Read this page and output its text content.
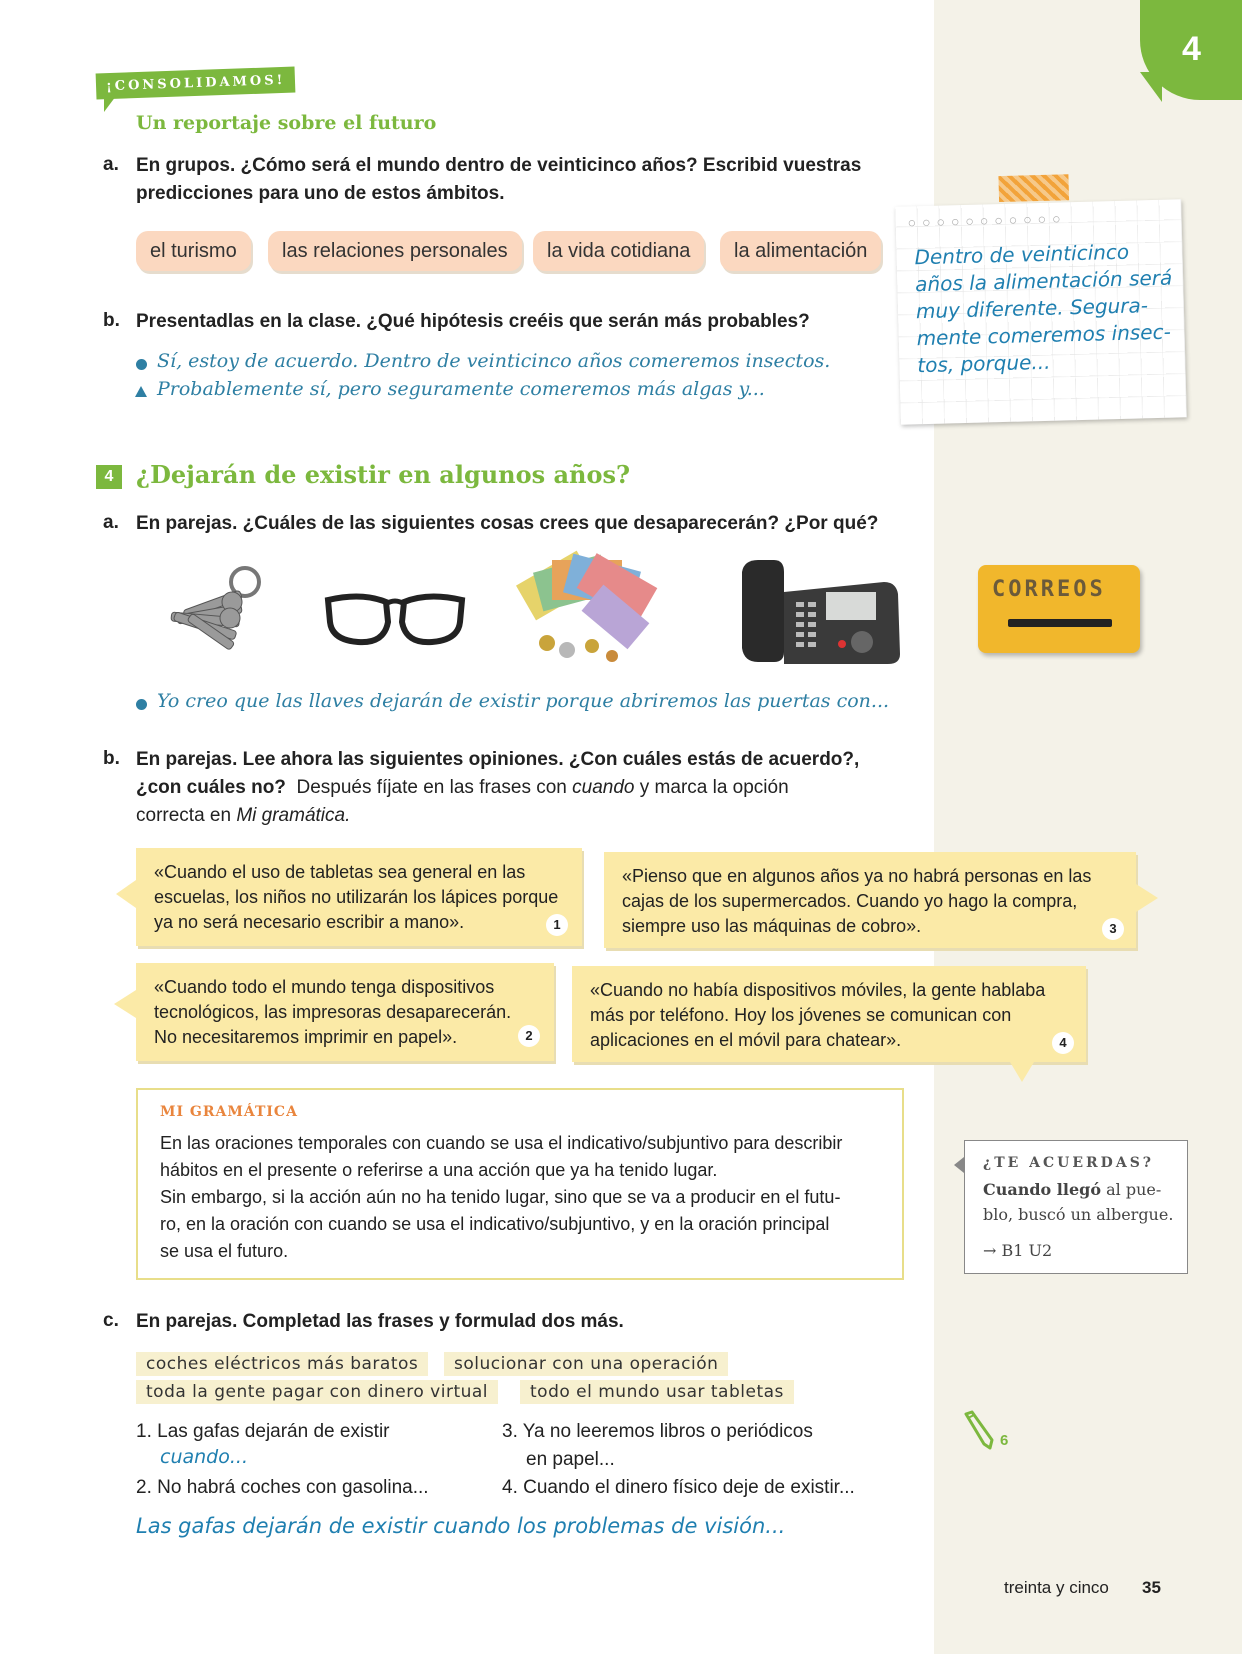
4
¡CONSOLIDAMOS!
Un reportaje sobre el futuro
a. En grupos. ¿Cómo será el mundo dentro de veinticinco años? Escribid vuestras
predicciones para uno de estos ámbitos.
el turismo	las relaciones personales	la vida cotidiana	la alimentación
b. Presentadlas en la clase. ¿Qué hipótesis creéis que serán más probables?
Sí, estoy de acuerdo. Dentro de veinticinco años comeremos insectos.
Probablemente sí, pero seguramente comeremos más algas y...
○○○○○○○○○○○
Dentro de veinticinco
años la alimentación será
muy diferente. Segura-
mente comeremos insec-
tos, porque...
4 ¿Dejarán de existir en algunos años?
a. En parejas. ¿Cuáles de las siguientes cosas crees que desaparecerán? ¿Por qué?
CORREOS
Yo creo que las llaves dejarán de existir porque abriremos las puertas con...
b. En parejas. Lee ahora las siguientes opiniones. ¿Con cuáles estás de acuerdo?,
¿con cuáles no? Después fíjate en las frases con cuando y marca la opción
correcta en Mi gramática.
«Cuando el uso de tabletas sea general en las
escuelas, los niños no utilizarán los lápices porque
ya no será necesario escribir a mano».	1
«Pienso que en algunos años ya no habrá personas en las
cajas de los supermercados. Cuando yo hago la compra,
siempre uso las máquinas de cobro».	3
«Cuando todo el mundo tenga dispositivos
tecnológicos, las impresoras desaparecerán.
No necesitaremos imprimir en papel».	2
«Cuando no había dispositivos móviles, la gente hablaba
más por teléfono. Hoy los jóvenes se comunican con
aplicaciones en el móvil para chatear».	4
MI GRAMÁTICA
En las oraciones temporales con cuando se usa el indicativo/subjuntivo para describir
hábitos en el presente o referirse a una acción que ya ha tenido lugar.
Sin embargo, si la acción aún no ha tenido lugar, sino que se va a producir en el futu-
ro, en la oración con cuando se usa el indicativo/subjuntivo, y en la oración principal
se usa el futuro.
¿TE ACUERDAS?
Cuando llegó al pue-
blo, buscó un albergue.
→ B1 U2
c. En parejas. Completad las frases y formulad dos más.
coches eléctricos más baratos	solucionar con una operación
toda la gente pagar con dinero virtual	todo el mundo usar tabletas
1. Las gafas dejarán de existir
cuando...
2. No habrá coches con gasolina...
3. Ya no leeremos libros o periódicos
en papel...
4. Cuando el dinero físico deje de existir...
Las gafas dejarán de existir cuando los problemas de visión...
6
treinta y cinco 35
